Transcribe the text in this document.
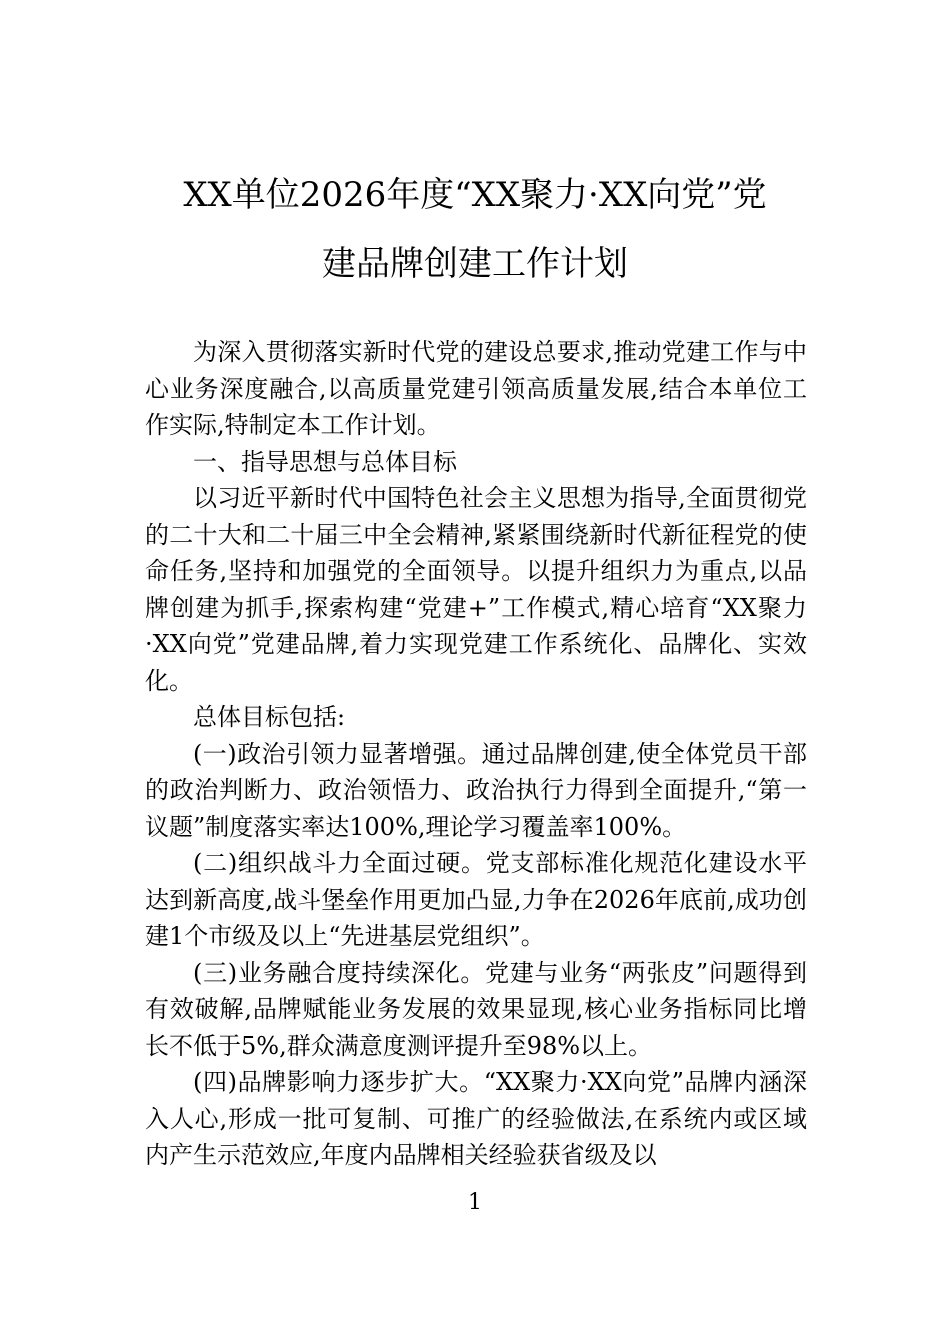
XX单位2026年度“XX聚力·XX向党”党
建品牌创建工作计划

为深入贯彻落实新时代党的建设总要求,推动党建工作与中心业务深度融合,以高质量党建引领高质量发展,结合本单位工作实际,特制定本工作计划。

一、指导思想与总体目标

以习近平新时代中国特色社会主义思想为指导,全面贯彻党的二十大和二十届三中全会精神,紧紧围绕新时代新征程党的使命任务,坚持和加强党的全面领导。以提升组织力为重点,以品牌创建为抓手,探索构建“党建+”工作模式,精心培育“XX聚力·XX向党”党建品牌,着力实现党建工作系统化、品牌化、实效化。

总体目标包括:

(一)政治引领力显著增强。通过品牌创建,使全体党员干部的政治判断力、政治领悟力、政治执行力得到全面提升,“第一议题”制度落实率达100%,理论学习覆盖率100%。

(二)组织战斗力全面过硬。党支部标准化规范化建设水平达到新高度,战斗堡垒作用更加凸显,力争在2026年底前,成功创建1个市级及以上“先进基层党组织”。

(三)业务融合度持续深化。党建与业务“两张皮”问题得到有效破解,品牌赋能业务发展的效果显现,核心业务指标同比增长不低于5%,群众满意度测评提升至98%以上。

(四)品牌影响力逐步扩大。“XX聚力·XX向党”品牌内涵深入人心,形成一批可复制、可推广的经验做法,在系统内或区域内产生示范效应,年度内品牌相关经验获省级及以

1
